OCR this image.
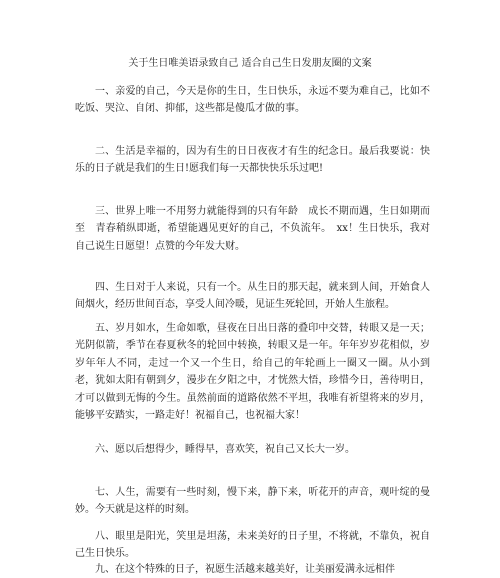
关于生日唯美语录致自己 适合自己生日发朋友圈的文案

一、亲爱的自己，今天是你的生日，生日快乐，永远不要为难自己，比如不吃饭、哭泣、自闭、抑郁，这些都是傻瓜才做的事。

二、生活是幸福的，因为有生的日日夜夜才有生的纪念日。最后我要说：快乐的日子就是我们的生日!愿我们每一天都快快乐乐过吧!

三、世界上唯一不用努力就能得到的只有年龄　成长不期而遇，生日如期而至　青春稍纵即逝，希望能遇见更好的自己，不负流年。　xx！生日快乐，我对自己说生日愿望！点赞的今年发大财。

四、生日对于人来说，只有一个。从生日的那天起，就来到人间，开始食人间烟火，经历世间百态，享受人间冷暖，见证生死轮回，开始人生旅程。

五、岁月如水，生命如歌，昼夜在日出日落的叠印中交替，转眼又是一天；光阴似箭，季节在春夏秋冬的轮回中转换，转眼又是一年。年年岁岁花相似，岁岁年年人不同，走过一个又一个生日，给自己的年轮画上一圈又一圈。从小到老，犹如太阳有朝到夕，漫步在夕阳之中，才恍然大悟，珍惜今日，善待明日，才可以做到无悔的今生。虽然前面的道路依然不平坦，我唯有祈望将来的岁月，能够平安踏实，一路走好！祝福自己，也祝福大家！

六、愿以后想得少，睡得早，喜欢笑，祝自己又长大一岁。

七、人生，需要有一些时刻，慢下来，静下来，听花开的声音，观叶绽的曼妙。今天就是这样的时刻。

八、眼里是阳光，笑里是坦荡，未来美好的日子里，不将就，不靠负，祝自己生日快乐。

九、在这个特殊的日子，祝愿生活越来越美好，让美丽爱满永远相伴
